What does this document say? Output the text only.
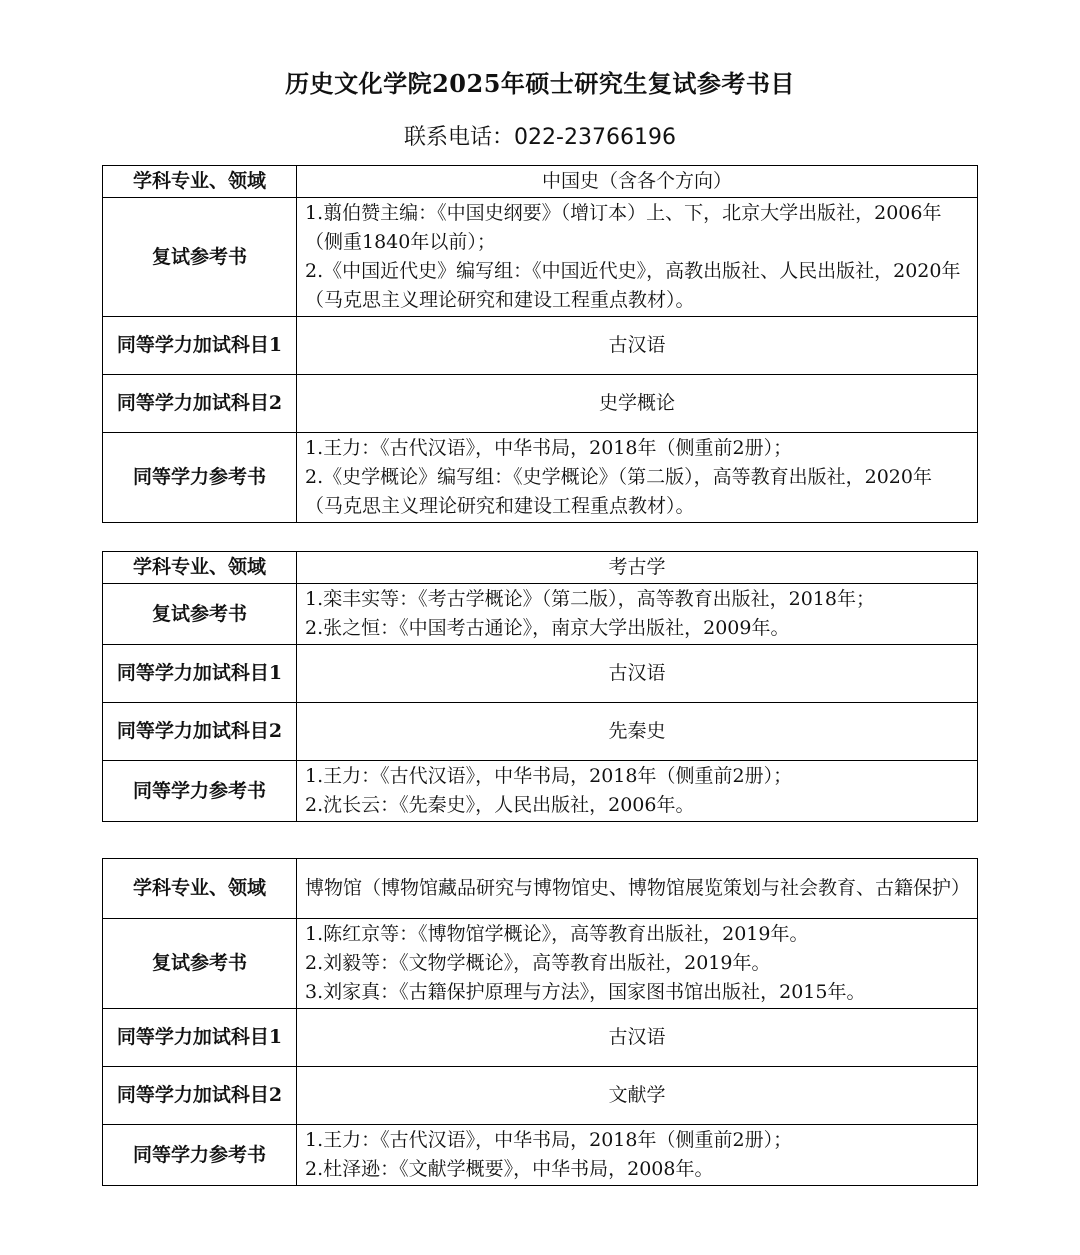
历史文化学院2025年硕士研究生复试参考书目
联系电话：022-23766196
学科专业、领域	中国史（含各个方向）
复试参考书	1.翦伯赞主编：《中国史纲要》（增订本）上、下，北京大学出版社，2006年（侧重1840年以前）；
2.《中国近代史》编写组：《中国近代史》，高教出版社、人民出版社，2020年（马克思主义理论研究和建设工程重点教材）。

同等学力加试科目1	古汉语
同等学力加试科目2	史学概论
同等学力参考书	1.王力：《古代汉语》，中华书局，2018年（侧重前2册）；
2.《史学概论》编写组：《史学概论》（第二版），高等教育出版社，2020年（马克思主义理论研究和建设工程重点教材）。
学科专业、领域	考古学
复试参考书	1.栾丰实等：《考古学概论》（第二版），高等教育出版社，2018年；
2.张之恒：《中国考古通论》，南京大学出版社，2009年。

同等学力加试科目1	古汉语
同等学力加试科目2	先秦史
同等学力参考书	1.王力：《古代汉语》，中华书局，2018年（侧重前2册）；
2.沈长云：《先秦史》，人民出版社，2006年。
学科专业、领域	博物馆（博物馆藏品研究与博物馆史、博物馆展览策划与社会教育、古籍保护）
复试参考书	1.陈红京等：《博物馆学概论》，高等教育出版社，2019年。
2.刘毅等：《文物学概论》，高等教育出版社，2019年。
3.刘家真：《古籍保护原理与方法》，国家图书馆出版社，2015年。

同等学力加试科目1	古汉语
同等学力加试科目2	文献学
同等学力参考书	1.王力：《古代汉语》，中华书局，2018年（侧重前2册）；
2.杜泽逊：《文献学概要》，中华书局，2008年。
